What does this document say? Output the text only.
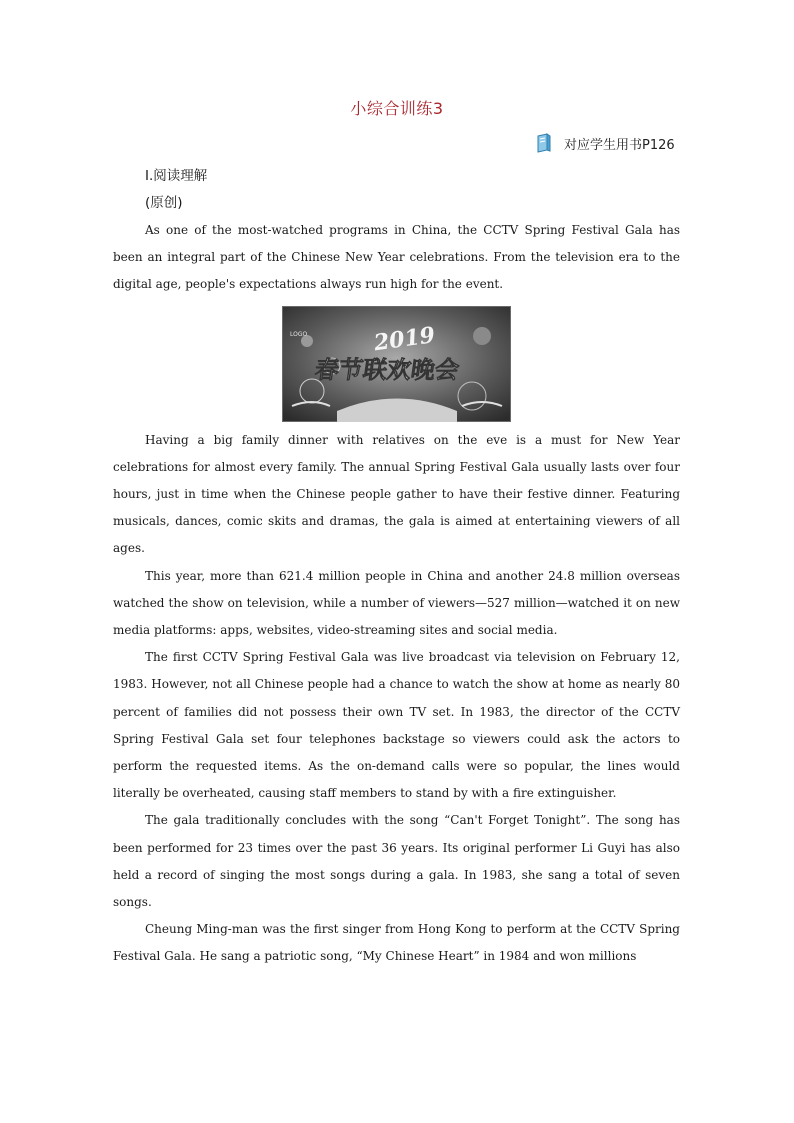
小综合训练3
对应学生用书P126
Ⅰ.阅读理解
(原创)

As one of the most-watched programs in China, the CCTV Spring Festival Gala has been an integral part of the Chinese New Year celebrations. From the television era to the digital age, people's expectations always run high for the event.

LOGO	2019
春节联欢晚会

Having a big family dinner with relatives on the eve is a must for New Year celebrations for almost every family. The annual Spring Festival Gala usually lasts over four hours, just in time when the Chinese people gather to have their festive dinner. Featuring musicals, dances, comic skits and dramas, the gala is aimed at entertaining viewers of all ages.

This year, more than 621.4 million people in China and another 24.8 million overseas watched the show on television, while a number of viewers—527 million—watched it on new media platforms: apps, websites, video-streaming sites and social media.

The first CCTV Spring Festival Gala was live broadcast via television on February 12, 1983. However, not all Chinese people had a chance to watch the show at home as nearly 80 percent of families did not possess their own TV set. In 1983, the director of the CCTV Spring Festival Gala set four telephones backstage so viewers could ask the actors to perform the requested items. As the on-demand calls were so popular, the lines would literally be overheated, causing staff members to stand by with a fire extinguisher.

The gala traditionally concludes with the song “Can't Forget Tonight”. The song has been performed for 23 times over the past 36 years. Its original performer Li Guyi has also held a record of singing the most songs during a gala. In 1983, she sang a total of seven songs.

Cheung Ming-man was the first singer from Hong Kong to perform at the CCTV Spring Festival Gala. He sang a patriotic song, “My Chinese Heart” in 1984 and won millions
